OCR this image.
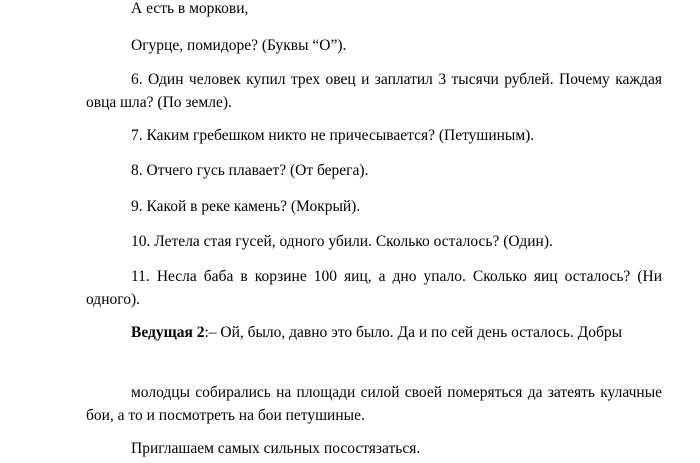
А есть в моркови,
Огурце, помидоре? (Буквы “О”).
6. Один человек купил трех овец и заплатил 3 тысячи рублей. Почему каждая овца шла? (По земле).
7. Каким гребешком никто не причесывается? (Петушиным).
8. Отчего гусь плавает? (От берега).
9. Какой в реке камень? (Мокрый).
10. Летела стая гусей, одного убили. Сколько осталось? (Один).
11. Несла баба в корзине 100 яиц, а дно упало. Сколько яиц осталось? (Ни одного).
Ведущая 2:– Ой, было, давно это было. Да и по сей день осталось. Добры
молодцы собирались на площади силой своей померяться да затеять кулачные бои, а то и посмотреть на бои петушиные.
Приглашаем самых сильных посостязаться.
